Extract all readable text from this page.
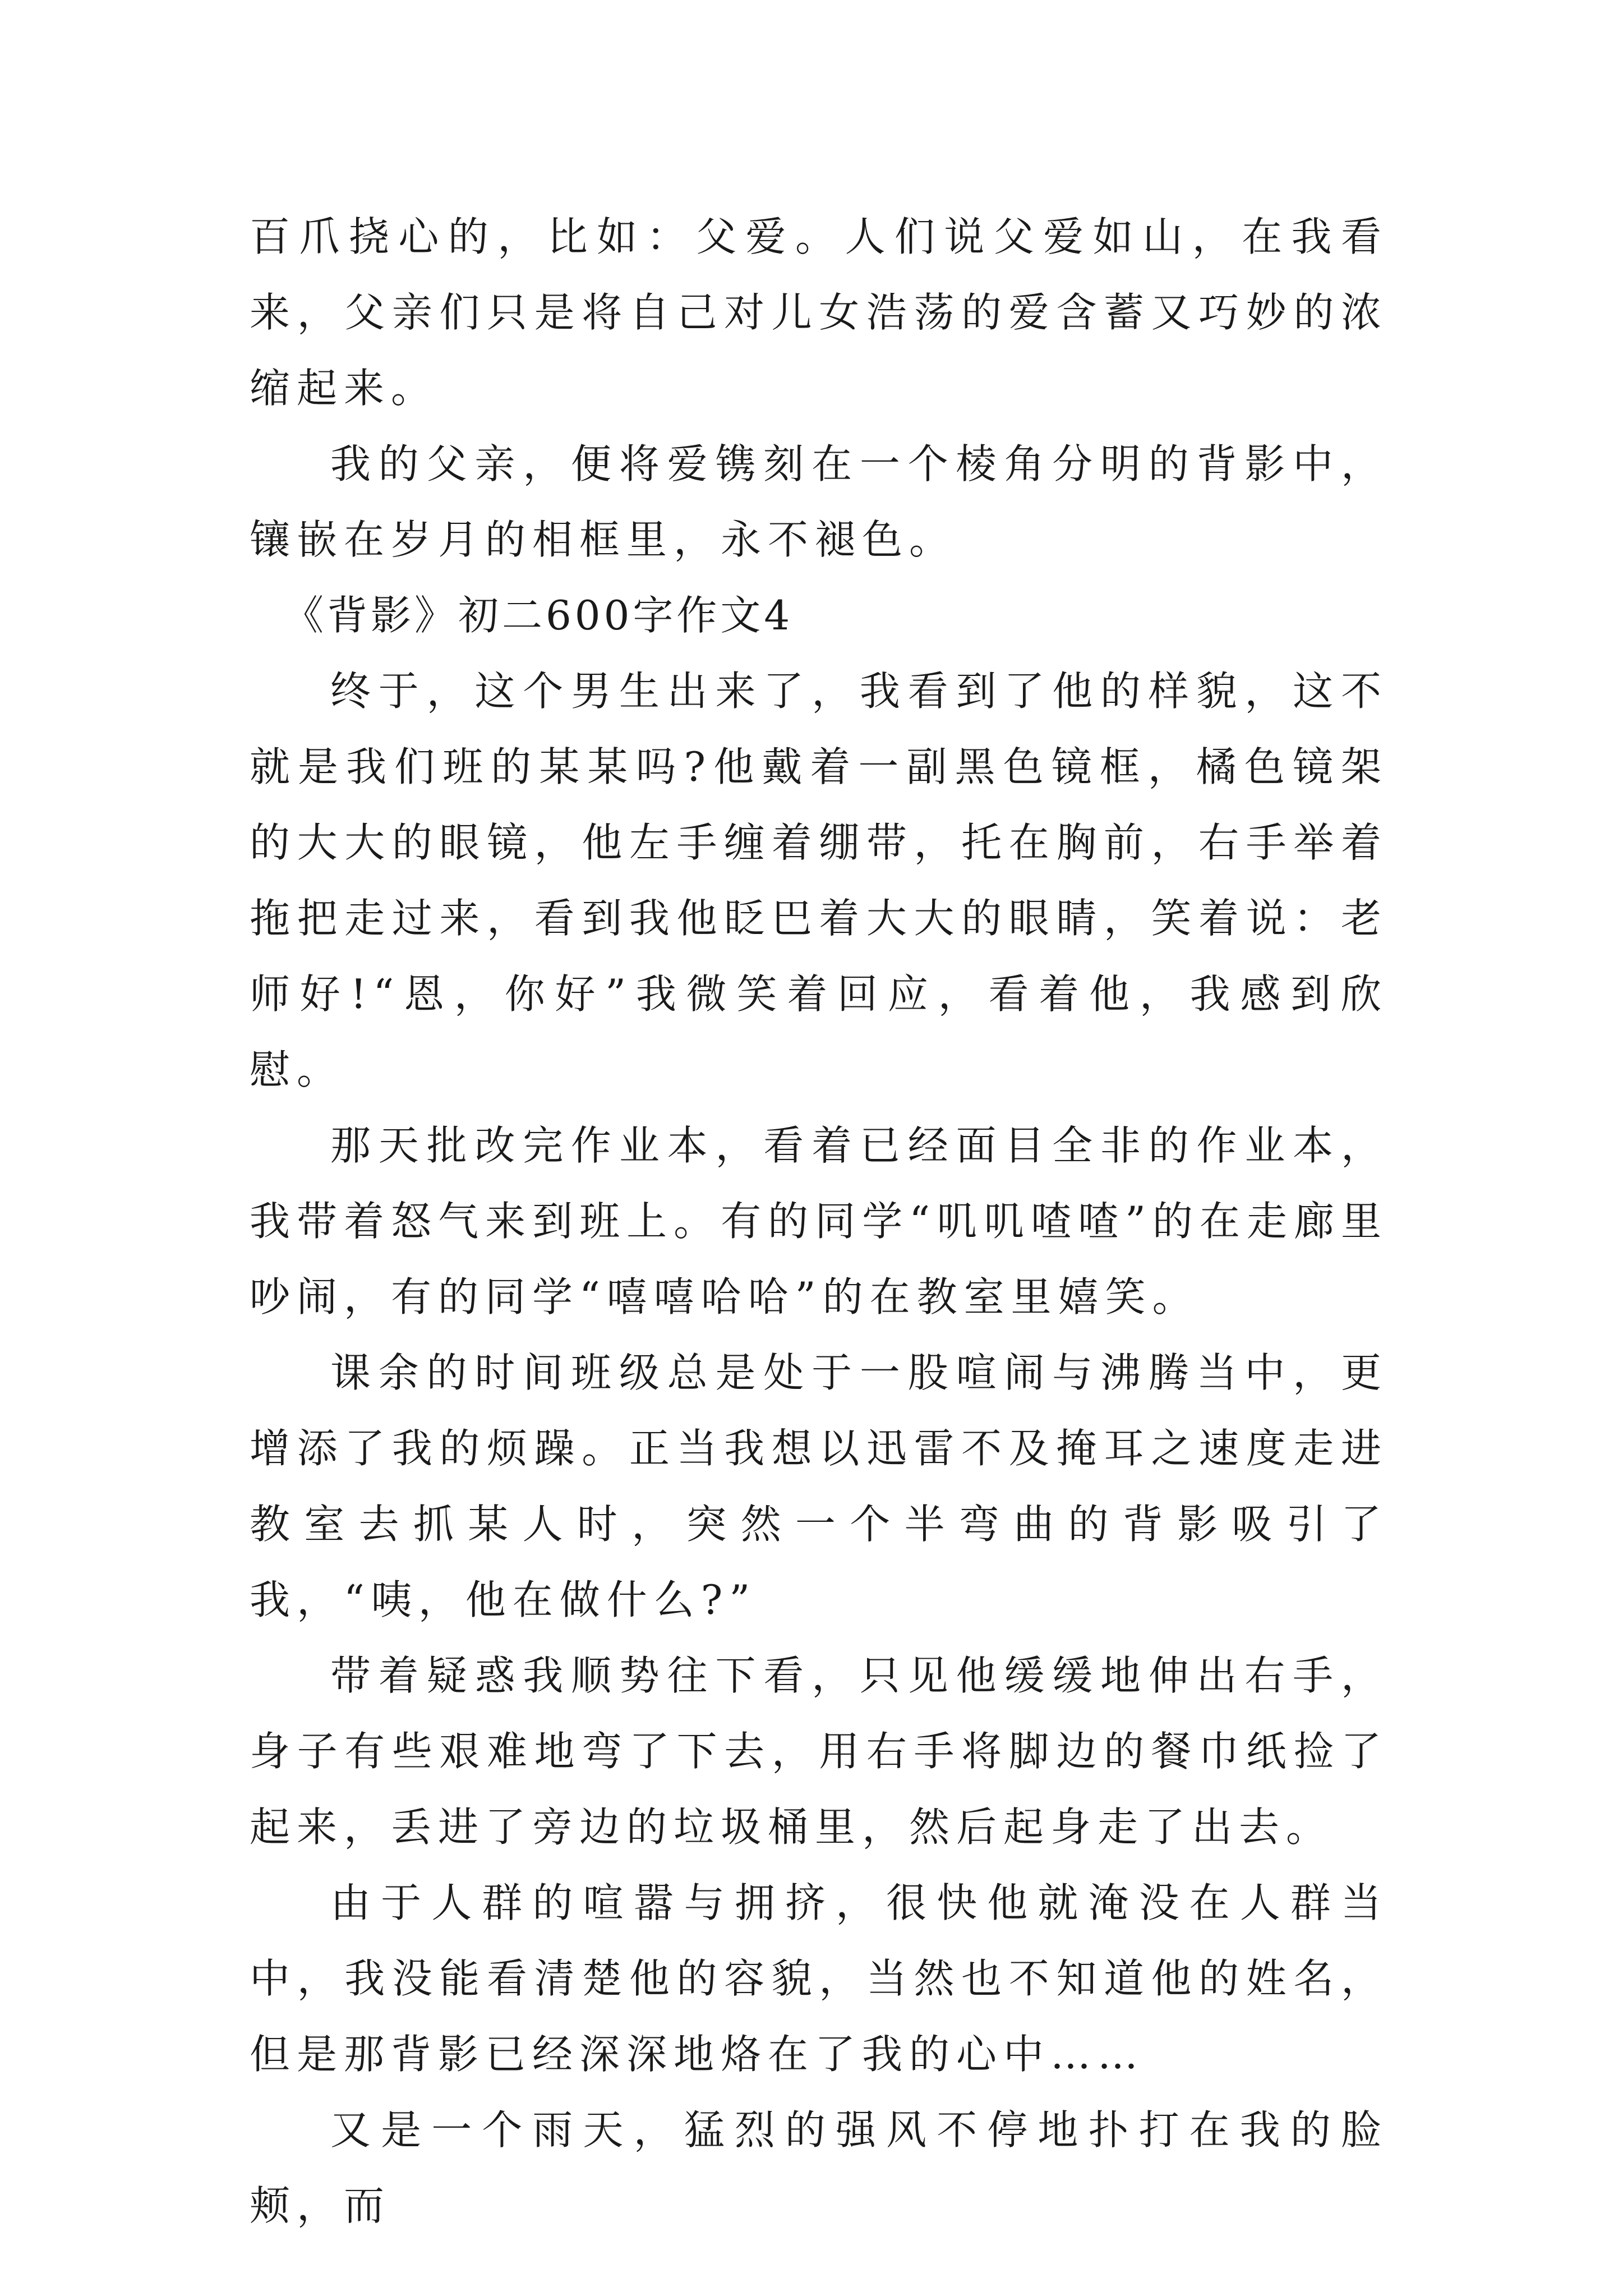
百爪挠心的，比如：父爱。人们说父爱如山，在我看来，父亲们只是将自己对儿女浩荡的爱含蓄又巧妙的浓缩起来。

我的父亲，便将爱镌刻在一个棱角分明的背影中，镶嵌在岁月的相框里，永不褪色。

《背影》初二600字作文4

终于，这个男生出来了，我看到了他的样貌，这不就是我们班的某某吗?他戴着一副黑色镜框，橘色镜架的大大的眼镜，他左手缠着绷带，托在胸前，右手举着拖把走过来，看到我他眨巴着大大的眼睛，笑着说：老师好!“恩，你好”我微笑着回应，看着他，我感到欣慰。

那天批改完作业本，看着已经面目全非的作业本，我带着怒气来到班上。有的同学“叽叽喳喳”的在走廊里吵闹，有的同学“嘻嘻哈哈”的在教室里嬉笑。

课余的时间班级总是处于一股喧闹与沸腾当中，更增添了我的烦躁。正当我想以迅雷不及掩耳之速度走进教室去抓某人时，突然一个半弯曲的背影吸引了我，“咦，他在做什么?”

带着疑惑我顺势往下看，只见他缓缓地伸出右手，身子有些艰难地弯了下去，用右手将脚边的餐巾纸捡了起来，丢进了旁边的垃圾桶里，然后起身走了出去。

由于人群的喧嚣与拥挤，很快他就淹没在人群当中，我没能看清楚他的容貌，当然也不知道他的姓名，但是那背影已经深深地烙在了我的心中……

又是一个雨天，猛烈的强风不停地扑打在我的脸颊，而
